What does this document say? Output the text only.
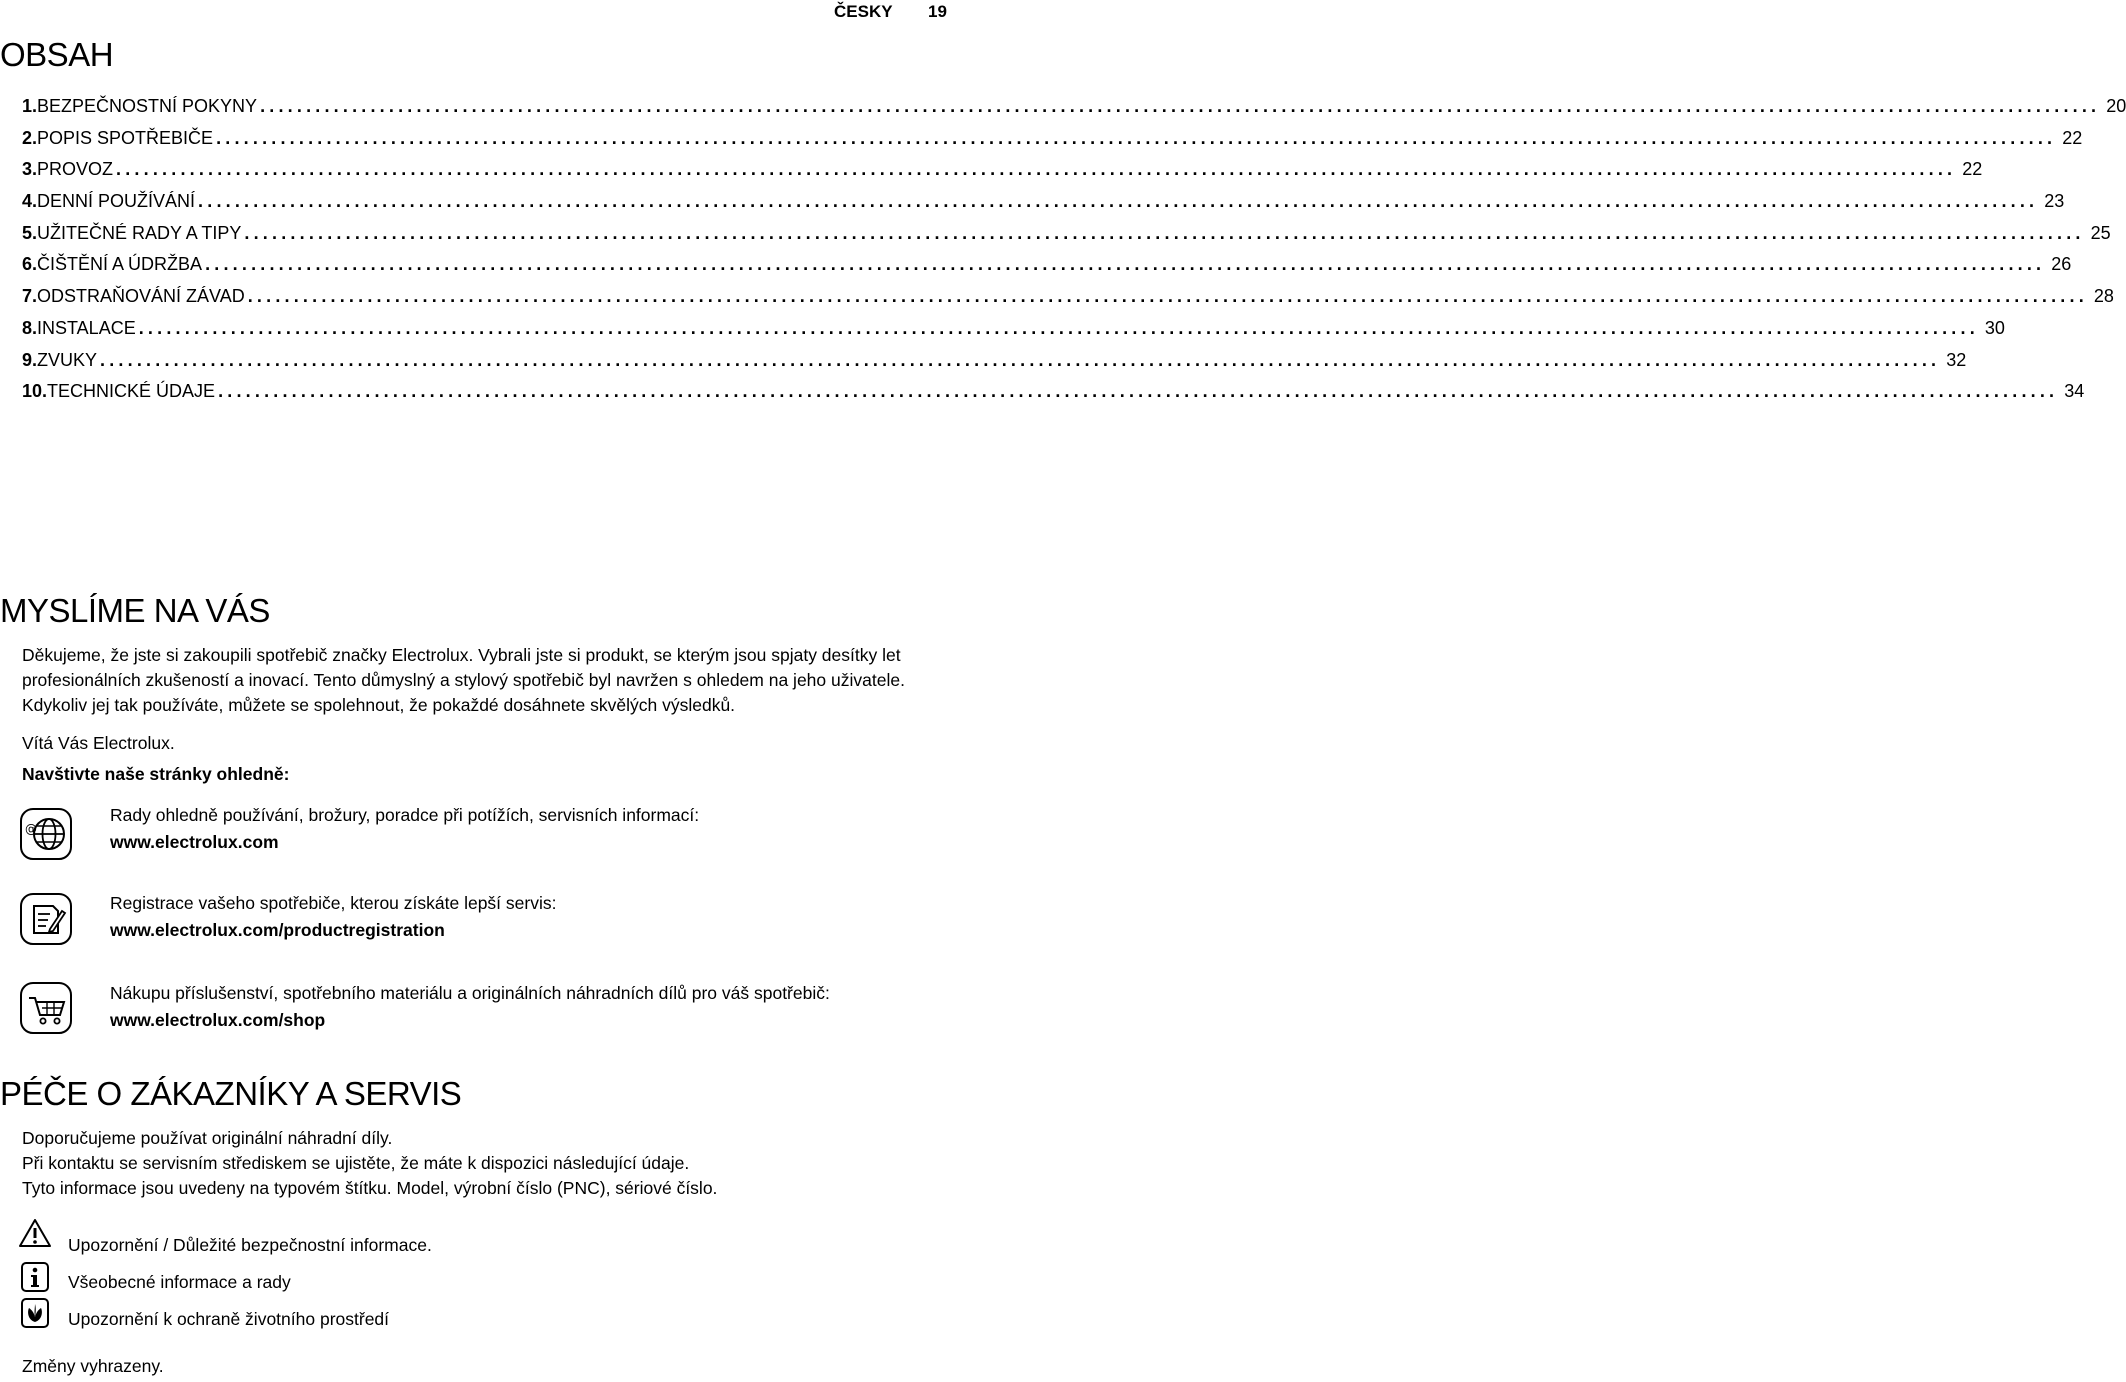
ČESKY 19
OBSAH
1. BEZPEČNOSTNÍ POKYNY ........................................................................................................................................................................................................ 20
2. POPIS SPOTŘEBIČE ........................................................................................................................................................................................................ 22
3. PROVOZ ........................................................................................................................................................................................................ 22
4. DENNÍ POUŽÍVÁNÍ ........................................................................................................................................................................................................ 23
5. UŽITEČNÉ RADY A TIPY ........................................................................................................................................................................................................ 25
6. ČIŠTĚNÍ A ÚDRŽBA ........................................................................................................................................................................................................ 26
7. ODSTRAŇOVÁNÍ ZÁVAD ........................................................................................................................................................................................................ 28
8. INSTALACE ........................................................................................................................................................................................................ 30
9. ZVUKY ........................................................................................................................................................................................................ 32
10. TECHNICKÉ ÚDAJE ........................................................................................................................................................................................................ 34
MYSLÍME NA VÁS
Děkujeme, že jste si zakoupili spotřebič značky Electrolux. Vybrali jste si produkt, se kterým jsou spjaty desítky let profesionálních zkušeností a inovací. Tento důmyslný a stylový spotřebič byl navržen s ohledem na jeho uživatele. Kdykoliv jej tak používáte, můžete se spolehnout, že pokaždé dosáhnete skvělých výsledků.
Vítá Vás Electrolux.
Navštivte naše stránky ohledně:
@
Rady ohledně používání, brožury, poradce při potížích, servisních informací:
www.electrolux.com
Registrace vašeho spotřebiče, kterou získáte lepší servis:
www.electrolux.com/productregistration
Nákupu příslušenství, spotřebního materiálu a originálních náhradních dílů pro váš spotřebič:
www.electrolux.com/shop
PÉČE O ZÁKAZNÍKY A SERVIS
Doporučujeme používat originální náhradní díly.
Při kontaktu se servisním střediskem se ujistěte, že máte k dispozici následující údaje.
Tyto informace jsou uvedeny na typovém štítku. Model, výrobní číslo (PNC), sériové číslo.
Upozornění / Důležité bezpečnostní informace.
Všeobecné informace a rady
Upozornění k ochraně životního prostředí
Změny vyhrazeny.
